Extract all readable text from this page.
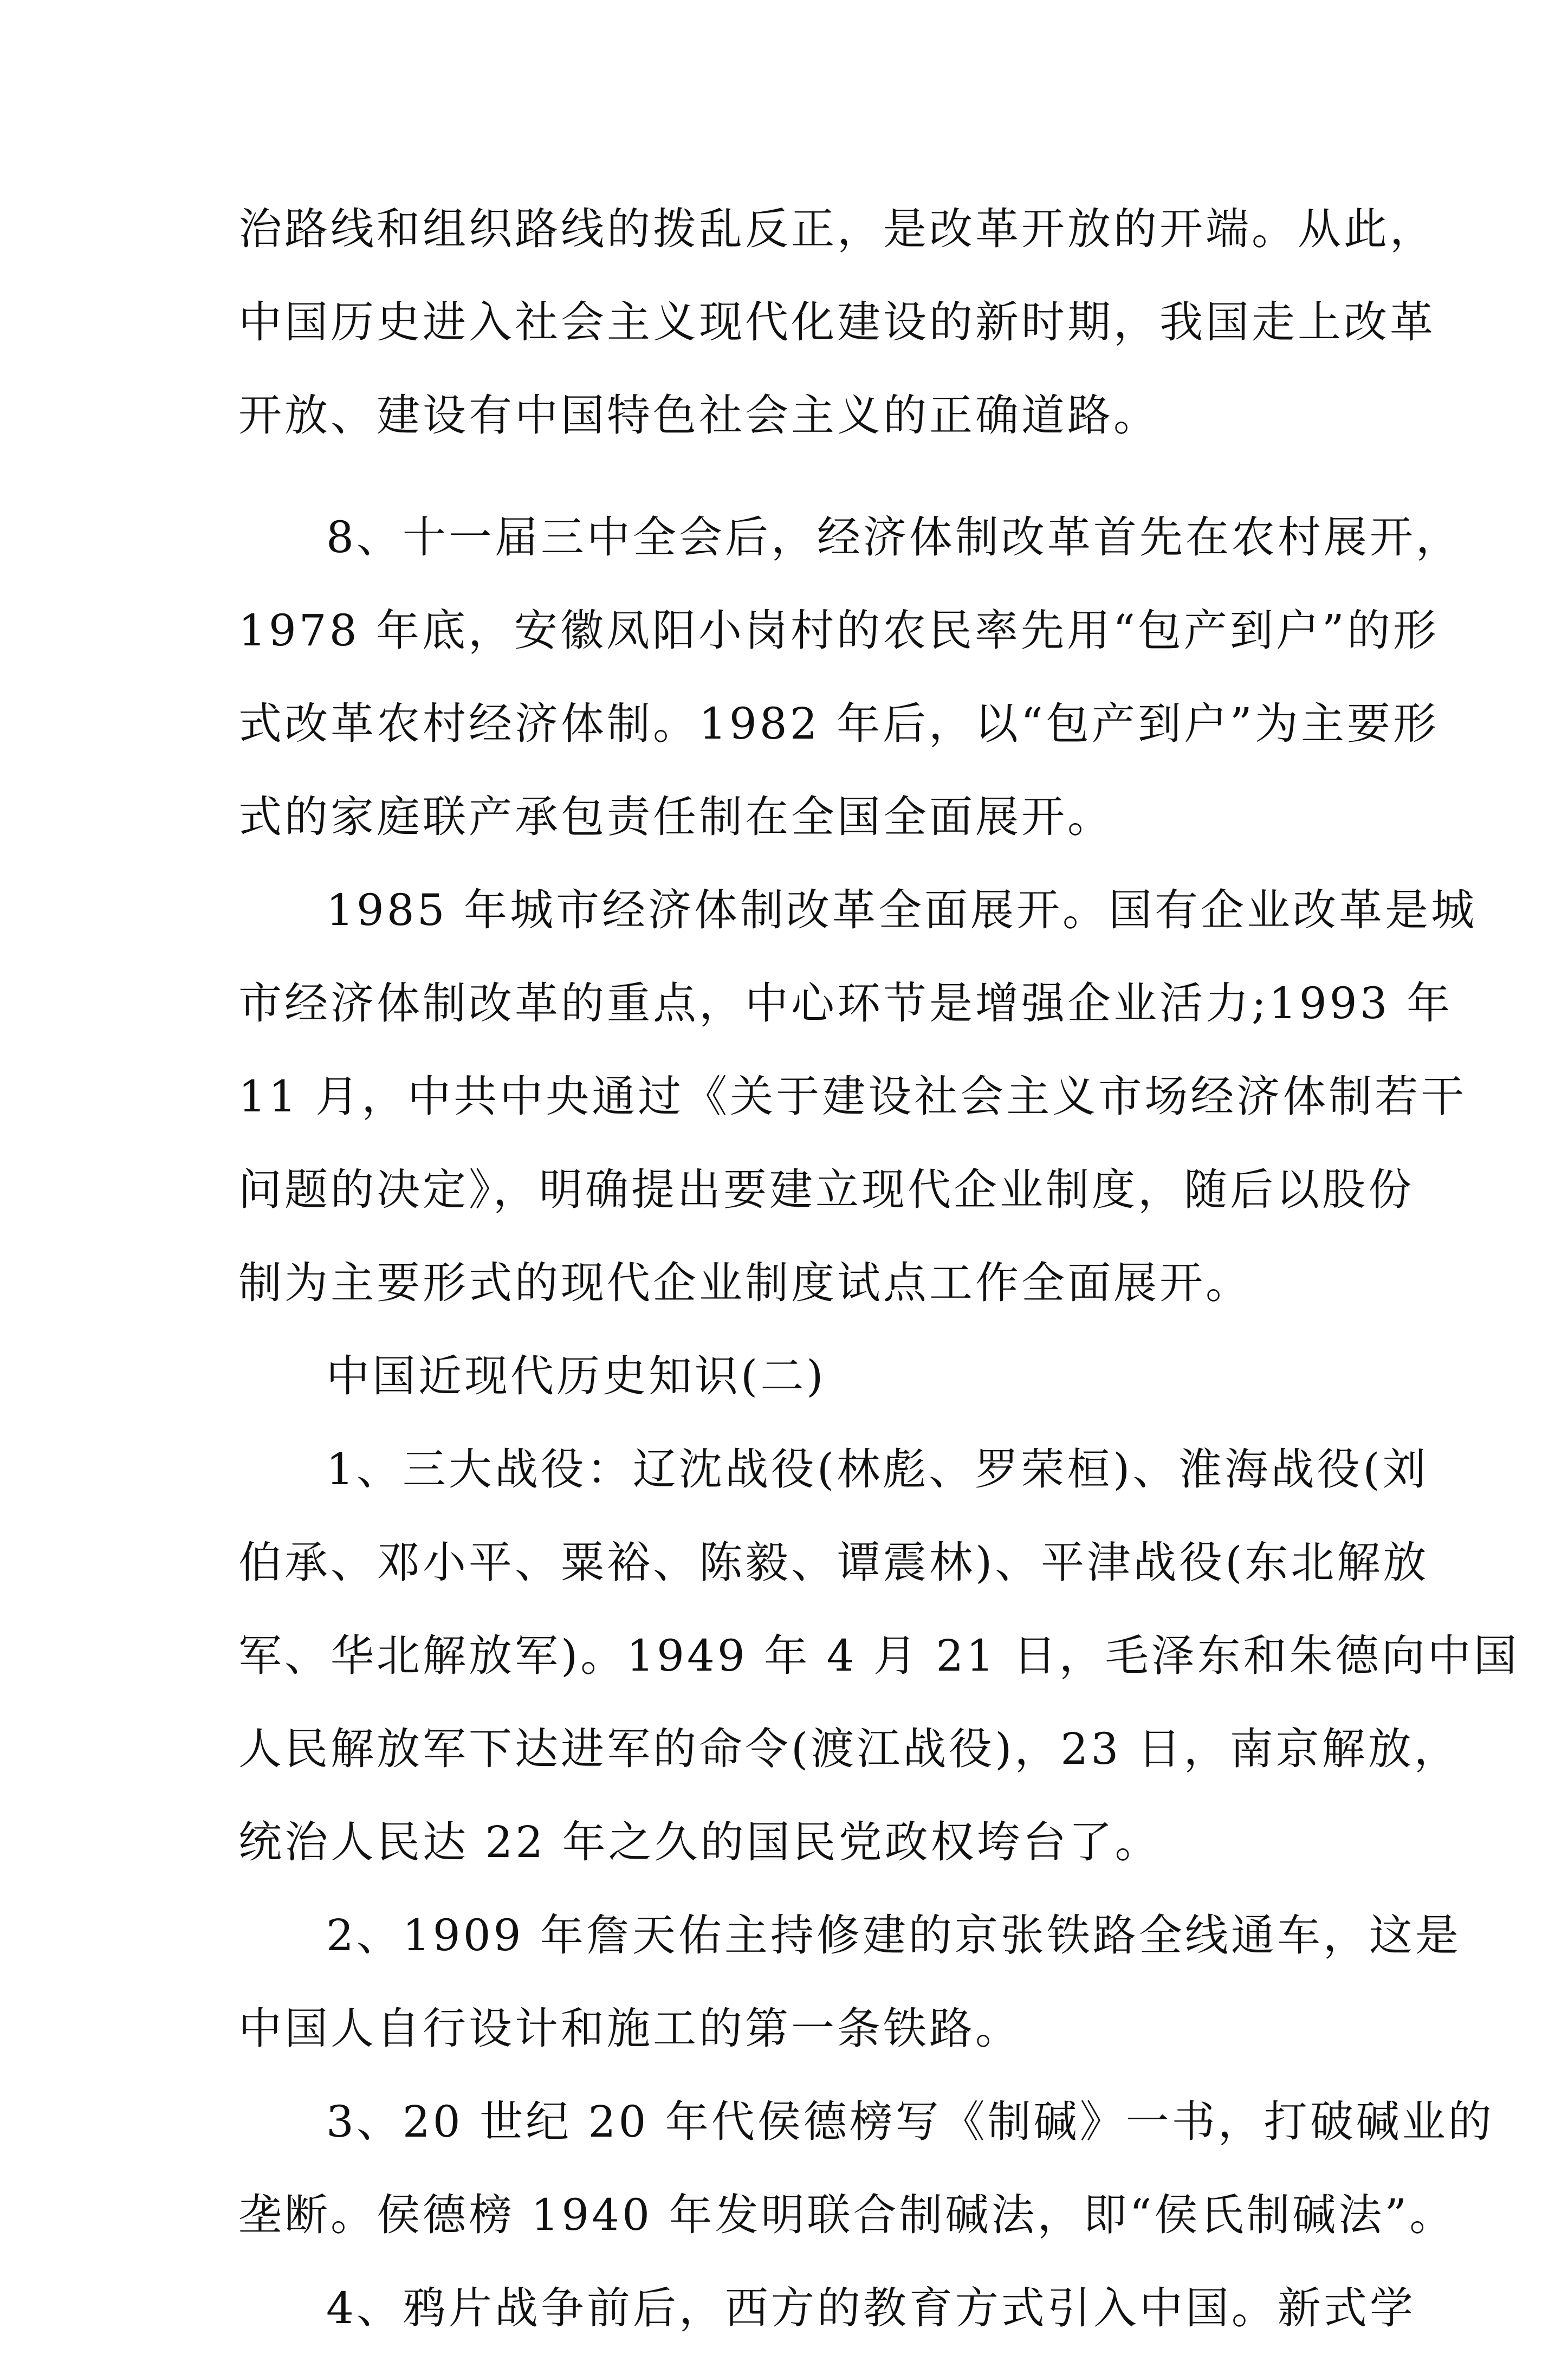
治路线和组织路线的拨乱反正，是改革开放的开端。从此，
中国历史进入社会主义现代化建设的新时期，我国走上改革
开放、建设有中国特色社会主义的正确道路。
8、十一届三中全会后，经济体制改革首先在农村展开，
1978 年底，安徽凤阳小岗村的农民率先用“包产到户”的形
式改革农村经济体制。1982 年后，以“包产到户”为主要形
式的家庭联产承包责任制在全国全面展开。
1985 年城市经济体制改革全面展开。国有企业改革是城
市经济体制改革的重点，中心环节是增强企业活力;1993 年
11 月，中共中央通过《关于建设社会主义市场经济体制若干
问题的决定》，明确提出要建立现代企业制度，随后以股份
制为主要形式的现代企业制度试点工作全面展开。
中国近现代历史知识(二)
1、三大战役：辽沈战役(林彪、罗荣桓)、淮海战役(刘
伯承、邓小平、粟裕、陈毅、谭震林)、平津战役(东北解放
军、华北解放军)。1949 年 4 月 21 日，毛泽东和朱德向中国
人民解放军下达进军的命令(渡江战役)，23 日，南京解放，
统治人民达 22 年之久的国民党政权垮台了。
2、1909 年詹天佑主持修建的京张铁路全线通车，这是
中国人自行设计和施工的第一条铁路。
3、20 世纪 20 年代侯德榜写《制碱》一书，打破碱业的
垄断。侯德榜 1940 年发明联合制碱法，即“侯氏制碱法”。
4、鸦片战争前后，西方的教育方式引入中国。新式学
